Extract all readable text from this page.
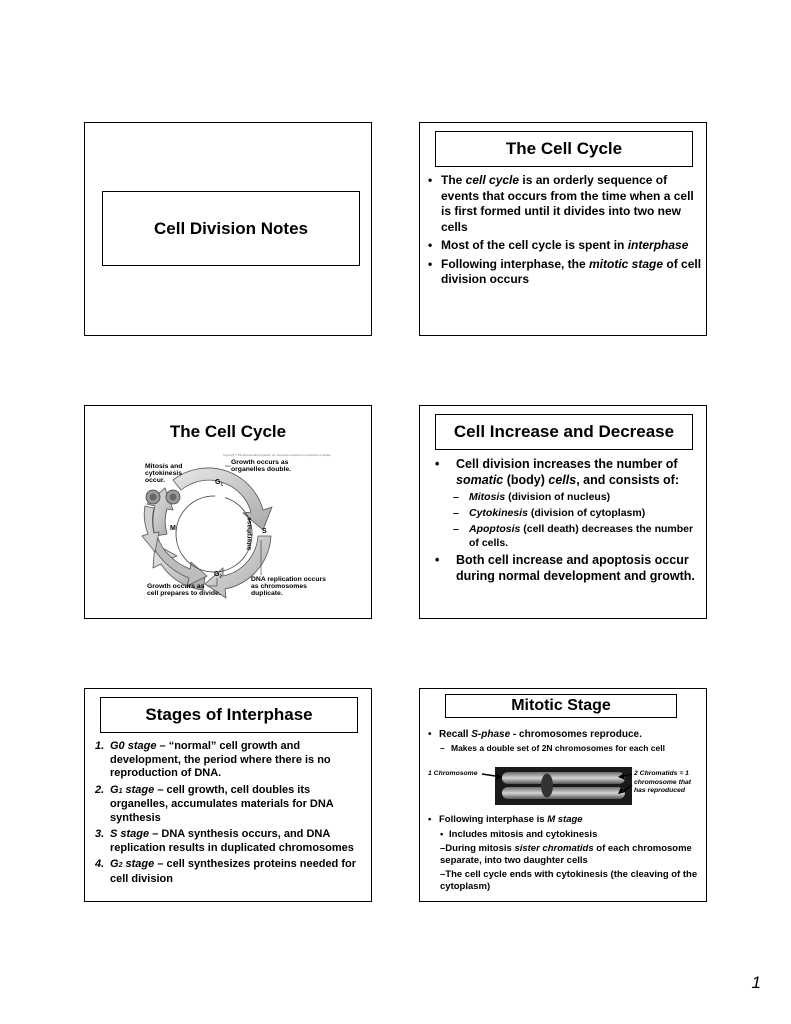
Cell Division Notes
The Cell Cycle
• The cell cycle is an orderly sequence of events that occurs from the time when a cell is first formed until it divides into two new cells
• Most of the cell cycle is spent in interphase
• Following interphase, the mitotic stage of cell division occurs
The Cell Cycle
Copyright © The McGraw-Hill Companies, Inc. Permission required for reproduction or display.
Mitosis and cytokinesis occur.
Growth occurs as organelles double.
$G_1$
Interphase S
M
$G_2$
Growth occurs as cell prepares to divide.
DNA replication occurs as chromosomes duplicate.
Cell Increase and Decrease
• Cell division increases the number of somatic (body) cells, and consists of:
– Mitosis (division of nucleus)
– Cytokinesis (division of cytoplasm)
– Apoptosis (cell death) decreases the number of cells.
• Both cell increase and apoptosis occur during normal development and growth.
Stages of Interphase
1. G0 stage – “normal” cell growth and development, the period where there is no reproduction of DNA.
2. G1 stage – cell growth, cell doubles its organelles, accumulates materials for DNA synthesis
3. S stage – DNA synthesis occurs, and DNA replication results in duplicated chromosomes
4. G2 stage – cell synthesizes proteins needed for cell division
Mitotic Stage
• Recall S-phase - chromosomes reproduce.
– Makes a double set of 2N chromosomes for each cell
1 Chromosome	2 Chromatids = 1
chromosome that
has reproduced
• Following interphase is M stage
• Includes mitosis and cytokinesis
–During mitosis sister chromatids of each chromosome separate, into two daughter cells
–The cell cycle ends with cytokinesis (the cleaving of the cytoplasm)
1
